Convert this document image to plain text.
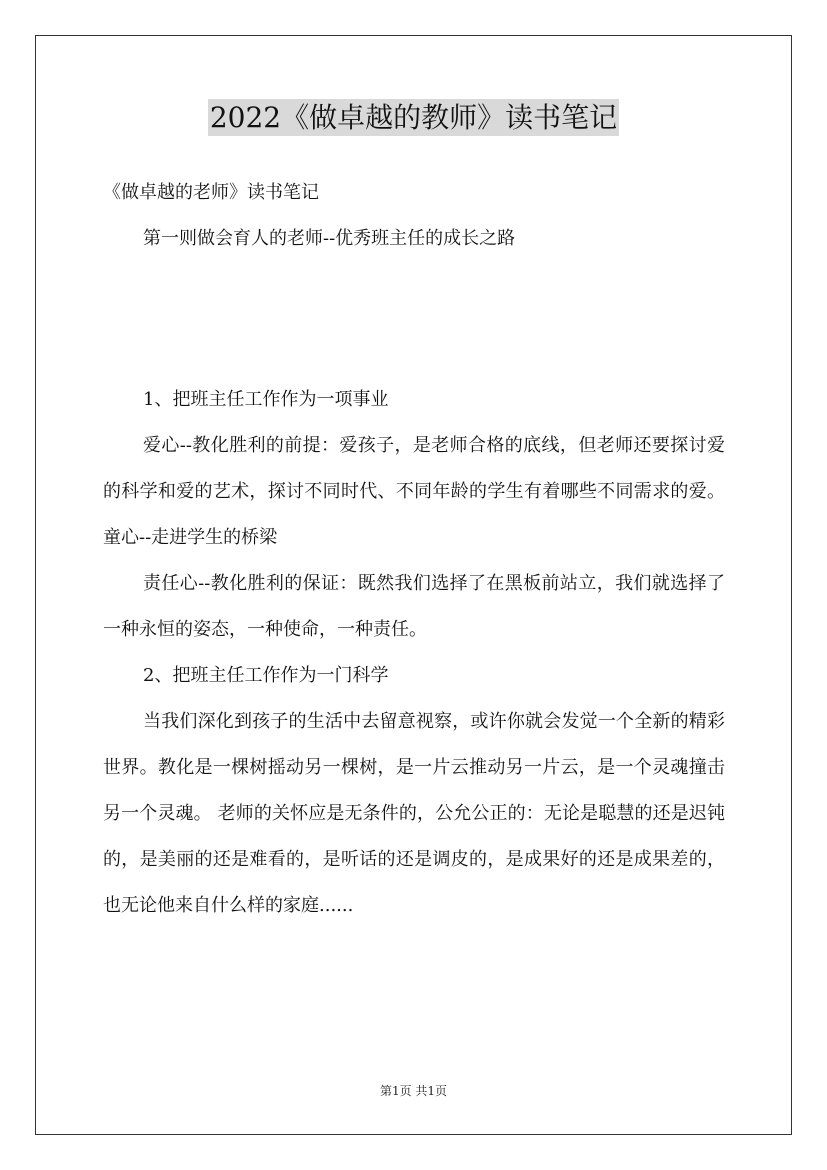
2022《做卓越的教师》读书笔记

《做卓越的老师》读书笔记

第一则做会育人的老师--优秀班主任的成长之路

1、把班主任工作作为一项事业

爱心--教化胜利的前提：爱孩子，是老师合格的底线，但老师还要探讨爱的科学和爱的艺术，探讨不同时代、不同年龄的学生有着哪些不同需求的爱。 童心--走进学生的桥梁

责任心--教化胜利的保证：既然我们选择了在黑板前站立，我们就选择了一种永恒的姿态，一种使命，一种责任。

2、把班主任工作作为一门科学

当我们深化到孩子的生活中去留意视察，或许你就会发觉一个全新的精彩世界。教化是一棵树摇动另一棵树，是一片云推动另一片云，是一个灵魂撞击另一个灵魂。 老师的关怀应是无条件的，公允公正的：无论是聪慧的还是迟钝的，是美丽的还是难看的，是听话的还是调皮的，是成果好的还是成果差的，也无论他来自什么样的家庭......

第1页 共1页
